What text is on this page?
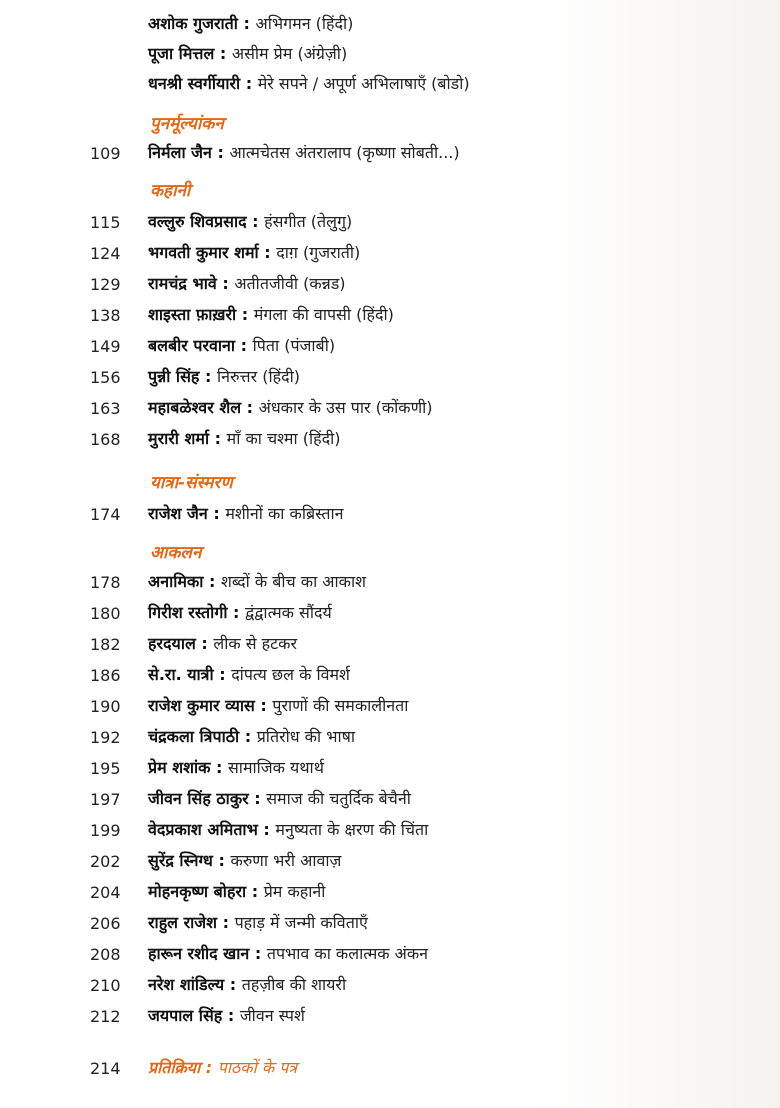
अशोक गुजराती : अभिगमन (हिंदी)
पूजा मित्तल : असीम प्रेम (अंग्रेज़ी)
धनश्री स्वर्गीयारी : मेरे सपने / अपूर्ण अभिलाषाएँ (बोडो)
पुनर्मूल्यांकन
109	निर्मला जैन : आत्मचेतस अंतरालाप (कृष्णा सोबती...)
कहानी
115	वल्लुरु शिवप्रसाद : हंसगीत (तेलुगु)
124	भगवती कुमार शर्मा : दाग़ (गुजराती)
129	रामचंद्र भावे : अतीतजीवी (कन्नड)
138	शाइस्ता फ़ाख़री : मंगला की वापसी (हिंदी)
149	बलबीर परवाना : पिता (पंजाबी)
156	पुन्नी सिंह : निरुत्तर (हिंदी)
163	महाबळेश्वर शैल : अंधकार के उस पार (कोंकणी)
168	मुरारी शर्मा : माँ का चश्मा (हिंदी)
यात्रा-संस्मरण
174	राजेश जैन : मशीनों का कब्रिस्तान
आकलन
178	अनामिका : शब्दों के बीच का आकाश
180	गिरीश रस्तोगी : द्वंद्वात्मक सौंदर्य
182	हरदयाल : लीक से हटकर
186	से.रा. यात्री : दांपत्य छल के विमर्श
190	राजेश कुमार व्यास : पुराणों की समकालीनता
192	चंद्रकला त्रिपाठी : प्रतिरोध की भाषा
195	प्रेम शशांक : सामाजिक यथार्थ
197	जीवन सिंह ठाकुर : समाज की चतुर्दिक बेचैनी
199	वेदप्रकाश अमिताभ : मनुष्यता के क्षरण की चिंता
202	सुरेंद्र स्निग्ध : करुणा भरी आवाज़
204	मोहनकृष्ण बोहरा : प्रेम कहानी
206	राहुल राजेश : पहाड़ में जन्मी कविताएँ
208	हारून रशीद खान : तपभाव का कलात्मक अंकन
210	नरेश शांडिल्य : तहज़ीब की शायरी
212	जयपाल सिंह : जीवन स्पर्श
214	प्रतिक्रिया : पाठकों के पत्र
